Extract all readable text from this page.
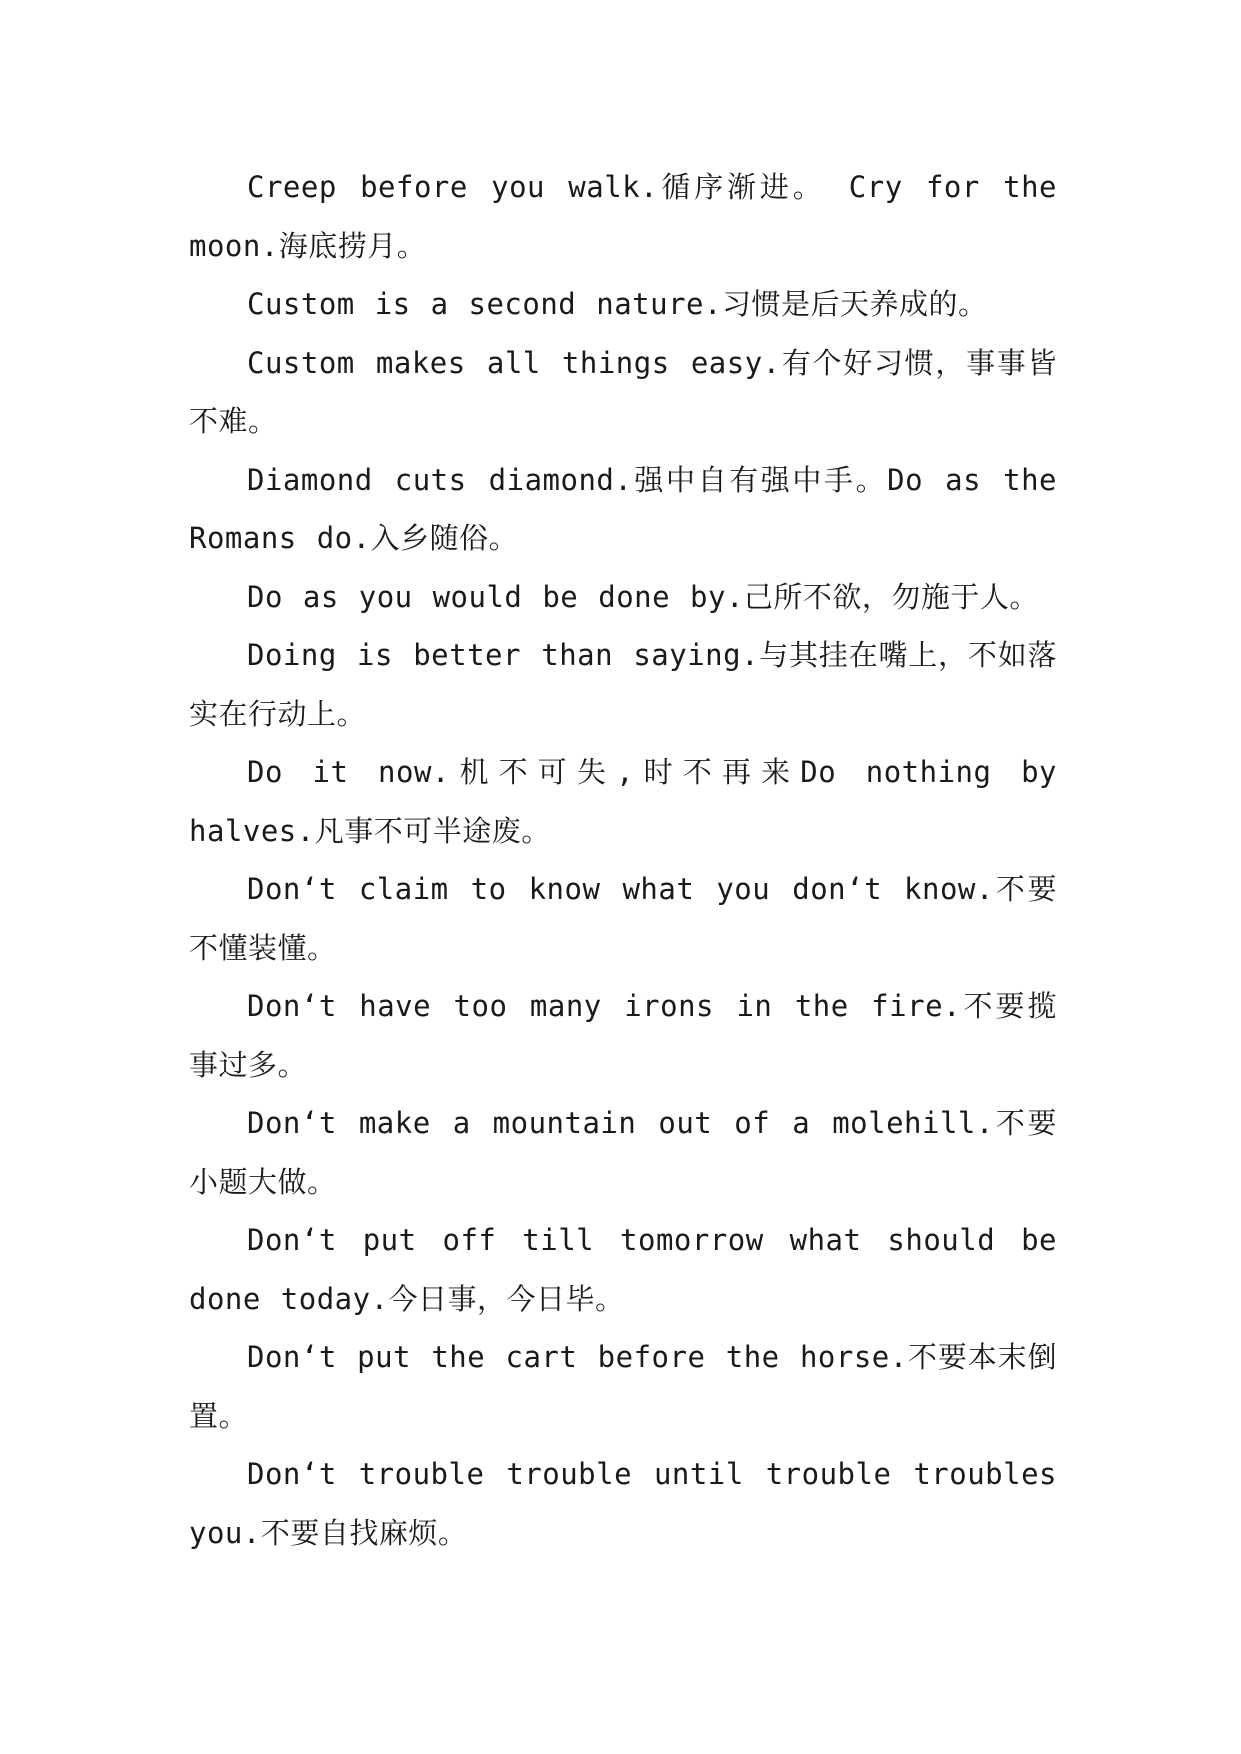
Creep before you walk.循序渐进。 Cry for the moon.海底捞月。

Custom is a second nature.习惯是后天养成的。

Custom makes all things easy.有个好习惯，事事皆不难。

Diamond cuts diamond.强中自有强中手。Do as the Romans do.入乡随俗。

Do as you would be done by.己所不欲，勿施于人。

Doing is better than saying.与其挂在嘴上，不如落实在行动上。

Do it now.机不可失,时不再来Do nothing by halves.凡事不可半途废。

Don‘t claim to know what you don‘t know.不要不懂装懂。

Don‘t have too many irons in the fire.不要揽事过多。

Don‘t make a mountain out of a molehill.不要小题大做。

Don‘t put off till tomorrow what should be done today.今日事，今日毕。

Don‘t put the cart before the horse.不要本末倒置。

Don‘t trouble trouble until trouble troubles you.不要自找麻烦。
